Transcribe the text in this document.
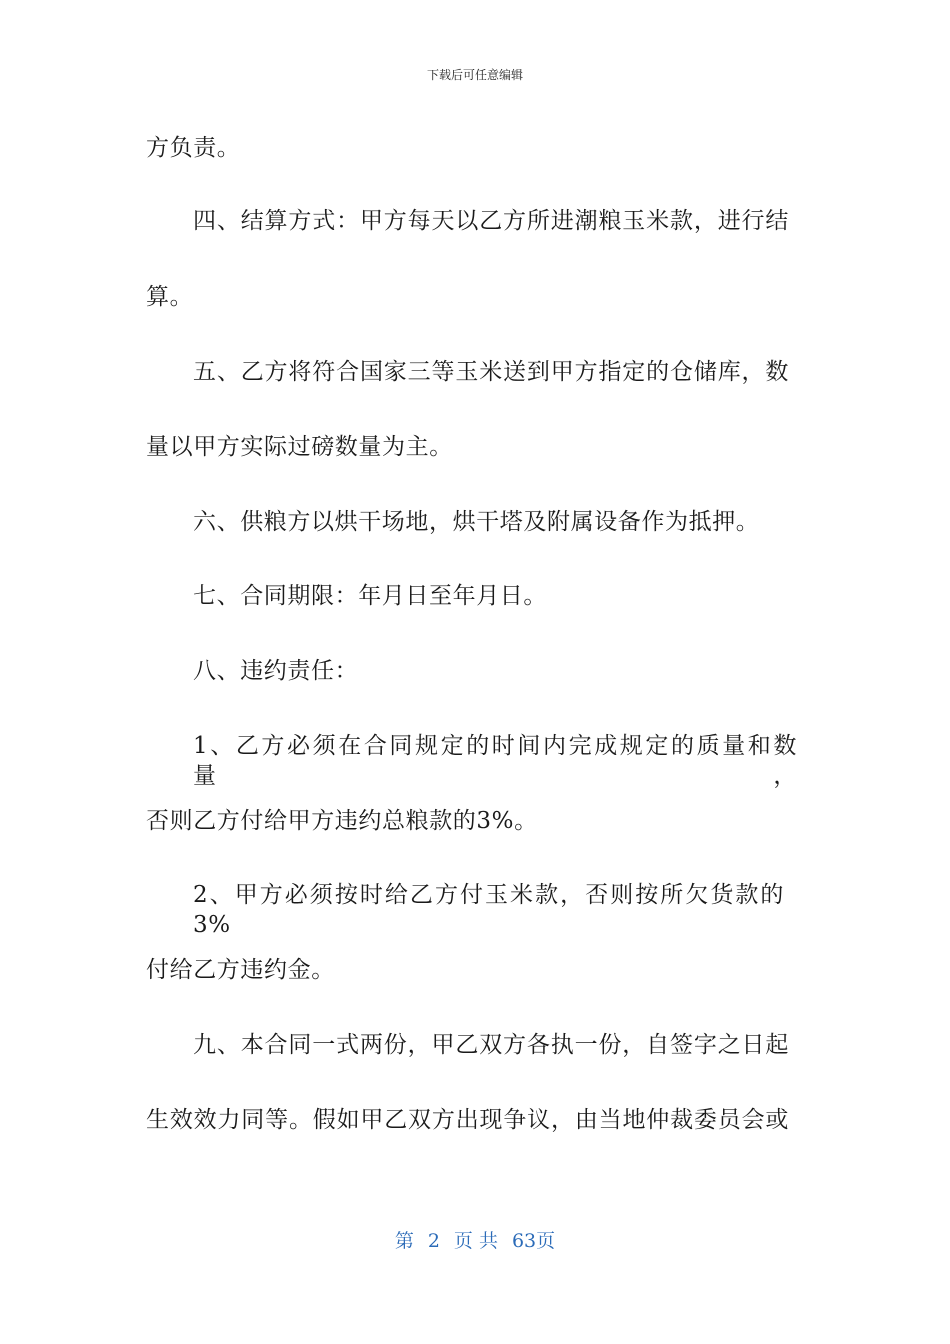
下载后可任意编辑
方负责。
四、结算方式：甲方每天以乙方所进潮粮玉米款，进行结
算。
五、乙方将符合国家三等玉米送到甲方指定的仓储库，数
量以甲方实际过磅数量为主。
六、供粮方以烘干场地，烘干塔及附属设备作为抵押。
七、合同期限：年月日至年月日。
八、违约责任：
1、乙方必须在合同规定的时间内完成规定的质量和数量，
否则乙方付给甲方违约总粮款的3%。
2、甲方必须按时给乙方付玉米款，否则按所欠货款的3%
付给乙方违约金。
九、本合同一式两份，甲乙双方各执一份，自签字之日起
生效效力同等。假如甲乙双方出现争议，由当地仲裁委员会或
第 2 页 共 63页
